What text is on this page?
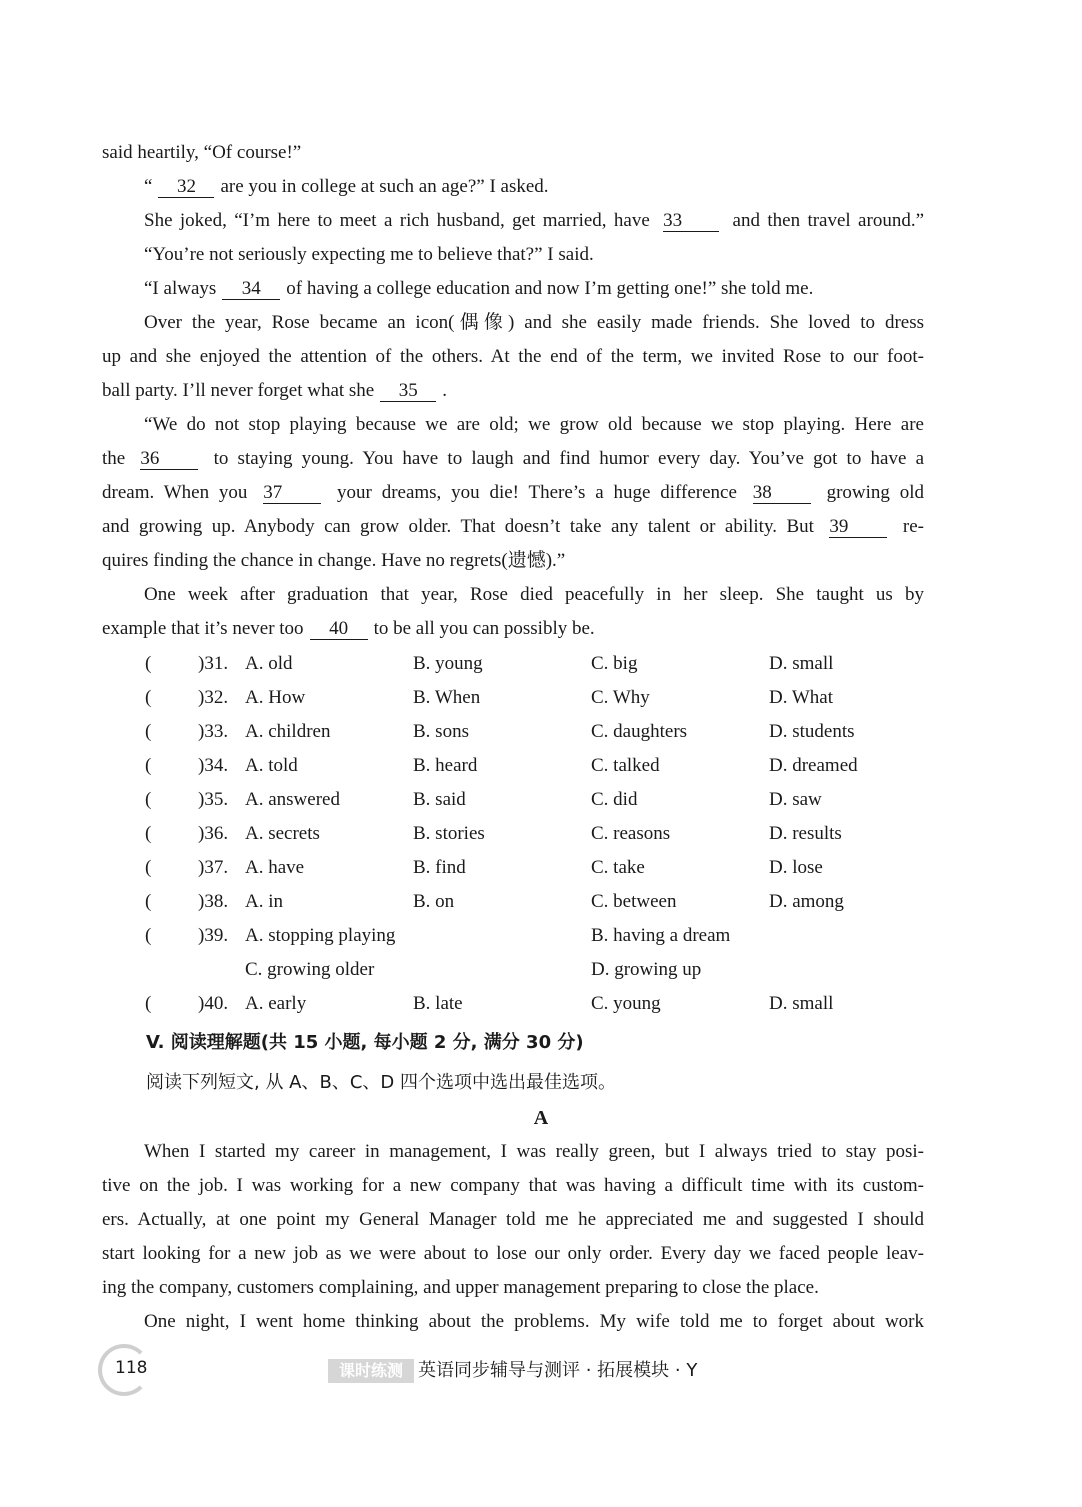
said heartily, “Of course!”
“ 32 are you in college at such an age?” I asked.
She joked, “I’m here to meet a rich husband, get married, have 33	and then travel around.”
“You’re not seriously expecting me to believe that?” I said.
“I always 34 of having a college education and now I’m getting one!” she told me.
Over the year, Rose became an icon(偶像) and she easily made friends. She loved to dress
up and she enjoyed the attention of the others. At the end of the term, we invited Rose to our foot-
ball party. I’ll never forget what she 35 .
“We do not stop playing because we are old; we grow old because we stop playing. Here are
the 36	to staying young. You have to laugh and find humor every day. You’ve got to have a
dream. When you 37	your dreams, you die! There’s a huge difference 38	growing old
and growing up. Anybody can grow older. That doesn’t take any talent or ability. But 39	re-
quires finding the chance in change. Have no regrets(遗憾).”
One week after graduation that year, Rose died peacefully in her sleep. She taught us by
example that it’s never too 40 to be all you can possibly be.
( )31. A. old	B. young	C. big	D. small
( )32. A. How	B. When	C. Why	D. What
( )33. A. children	B. sons	C. daughters	D. students
( )34. A. told	B. heard	C. talked	D. dreamed
( )35. A. answered	B. said	C. did	D. saw
( )36. A. secrets	B. stories	C. reasons	D. results
( )37. A. have	B. find	C. take	D. lose
( )38. A. in	B. on	C. between	D. among
( )39. A. stopping playing	B. having a dream
C. growing older	D. growing up
( )40. A. early	B. late	C. young	D. small
V. 阅读理解题(共 15 小题, 每小题 2 分, 满分 30 分)
阅读下列短文, 从 A、B、C、D 四个选项中选出最佳选项。
A
When I started my career in management, I was really green, but I always tried to stay posi-
tive on the job. I was working for a new company that was having a difficult time with its custom-
ers. Actually, at one point my General Manager told me he appreciated me and suggested I should
start looking for a new job as we were about to lose our only order. Every day we faced people leav-
ing the company, customers complaining, and upper management preparing to close the place.
One night, I went home thinking about the problems. My wife told me to forget about work
118	课时练测 英语同步辅导与测评 · 拓展模块 · Y
